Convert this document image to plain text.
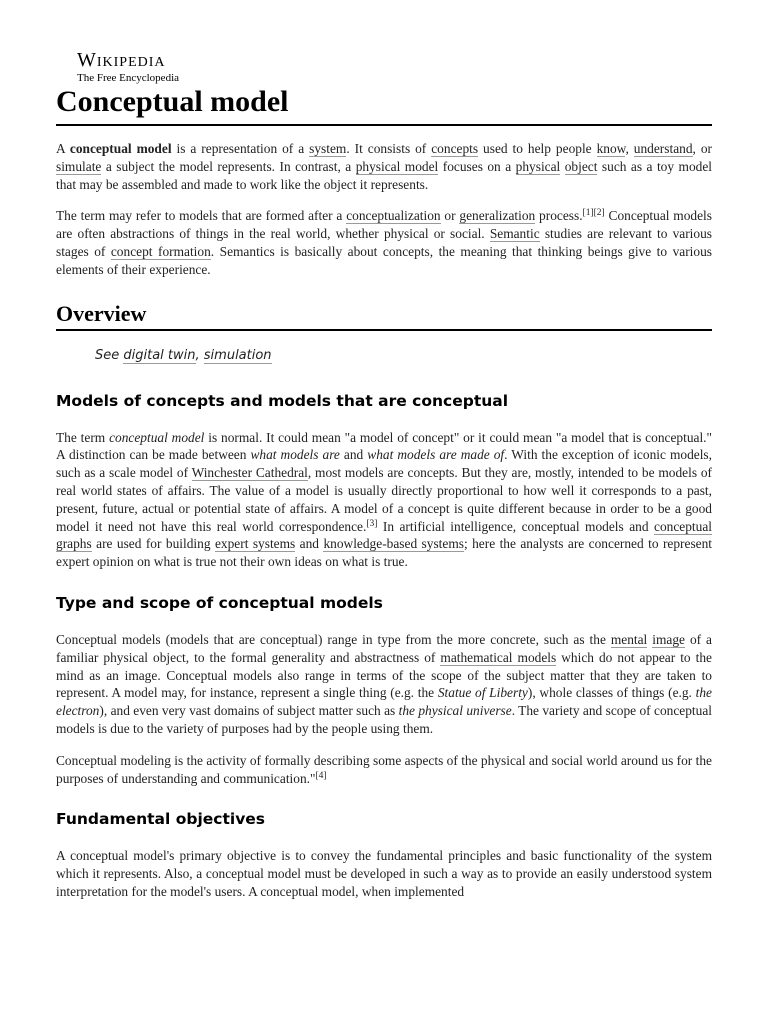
Wikipedia
The Free Encyclopedia
Conceptual model

A conceptual model is a representation of a system. It consists of concepts used to help people know, understand, or simulate a subject the model represents. In contrast, a physical model focuses on a physical object such as a toy model that may be assembled and made to work like the object it represents.

The term may refer to models that are formed after a conceptualization or generalization process.[1][2] Conceptual models are often abstractions of things in the real world, whether physical or social. Semantic studies are relevant to various stages of concept formation. Semantics is basically about concepts, the meaning that thinking beings give to various elements of their experience.

Overview
See digital twin, simulation
Models of concepts and models that are conceptual

The term conceptual model is normal. It could mean "a model of concept" or it could mean "a model that is conceptual." A distinction can be made between what models are and what models are made of. With the exception of iconic models, such as a scale model of Winchester Cathedral, most models are concepts. But they are, mostly, intended to be models of real world states of affairs. The value of a model is usually directly proportional to how well it corresponds to a past, present, future, actual or potential state of affairs. A model of a concept is quite different because in order to be a good model it need not have this real world correspondence.[3] In artificial intelligence, conceptual models and conceptual graphs are used for building expert systems and knowledge-based systems; here the analysts are concerned to represent expert opinion on what is true not their own ideas on what is true.

Type and scope of conceptual models

Conceptual models (models that are conceptual) range in type from the more concrete, such as the mental image of a familiar physical object, to the formal generality and abstractness of mathematical models which do not appear to the mind as an image. Conceptual models also range in terms of the scope of the subject matter that they are taken to represent. A model may, for instance, represent a single thing (e.g. the Statue of Liberty), whole classes of things (e.g. the electron), and even very vast domains of subject matter such as the physical universe. The variety and scope of conceptual models is due to the variety of purposes had by the people using them.

Conceptual modeling is the activity of formally describing some aspects of the physical and social world around us for the purposes of understanding and communication."[4]

Fundamental objectives

A conceptual model's primary objective is to convey the fundamental principles and basic functionality of the system which it represents. Also, a conceptual model must be developed in such a way as to provide an easily understood system interpretation for the model's users. A conceptual model, when implemented
